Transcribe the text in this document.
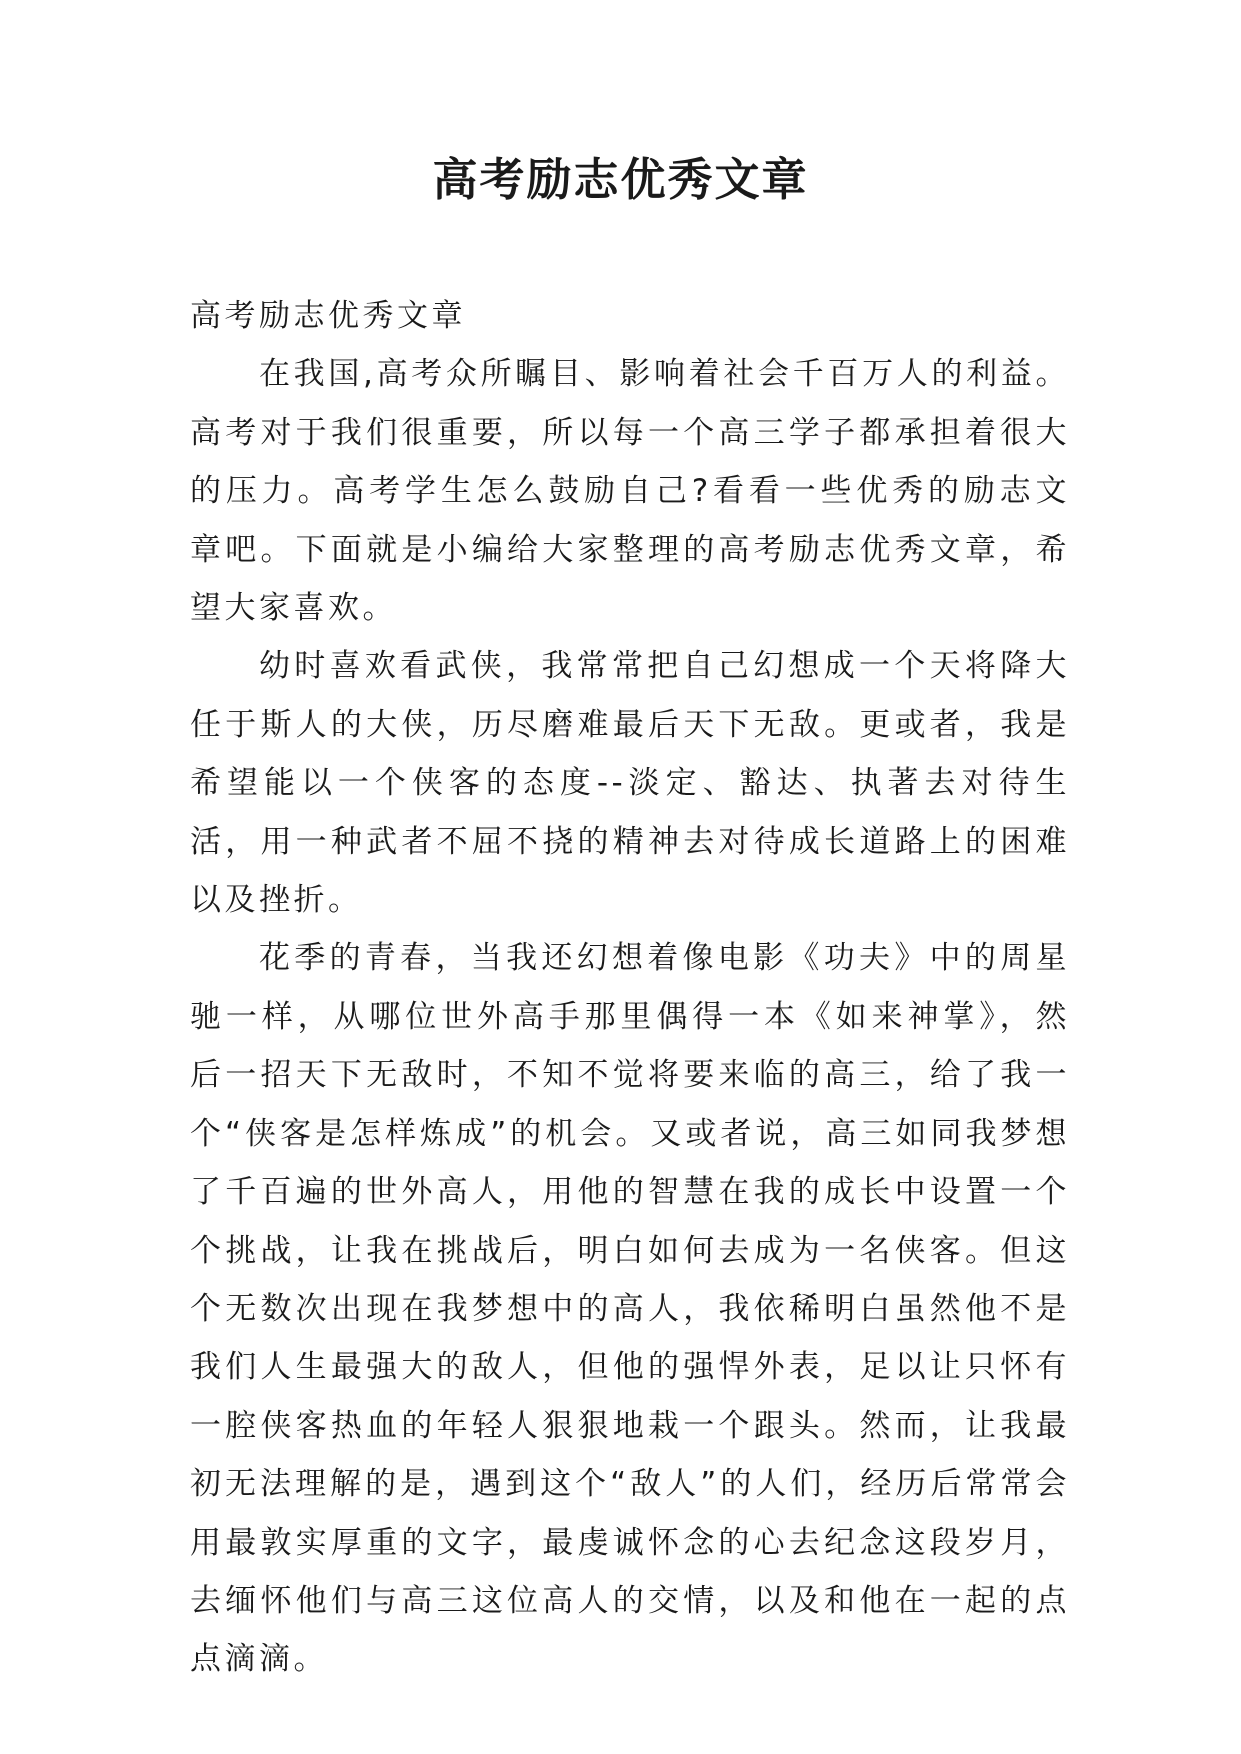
高考励志优秀文章

高考励志优秀文章

在我国,高考众所瞩目、影响着社会千百万人的利益。高考对于我们很重要，所以每一个高三学子都承担着很大的压力。高考学生怎么鼓励自己?看看一些优秀的励志文章吧。下面就是小编给大家整理的高考励志优秀文章，希望大家喜欢。

幼时喜欢看武侠，我常常把自己幻想成一个天将降大任于斯人的大侠，历尽磨难最后天下无敌。更或者，我是希望能以一个侠客的态度--淡定、豁达、执著去对待生活，用一种武者不屈不挠的精神去对待成长道路上的困难以及挫折。

花季的青春，当我还幻想着像电影《功夫》中的周星驰一样，从哪位世外高手那里偶得一本《如来神掌》，然后一招天下无敌时，不知不觉将要来临的高三，给了我一个“侠客是怎样炼成”的机会。又或者说，高三如同我梦想了千百遍的世外高人，用他的智慧在我的成长中设置一个个挑战，让我在挑战后，明白如何去成为一名侠客。但这个无数次出现在我梦想中的高人，我依稀明白虽然他不是我们人生最强大的敌人，但他的强悍外表，足以让只怀有一腔侠客热血的年轻人狠狠地栽一个跟头。然而，让我最初无法理解的是，遇到这个“敌人”的人们，经历后常常会用最敦实厚重的文字，最虔诚怀念的心去纪念这段岁月，去缅怀他们与高三这位高人的交情，以及和他在一起的点点滴滴。
